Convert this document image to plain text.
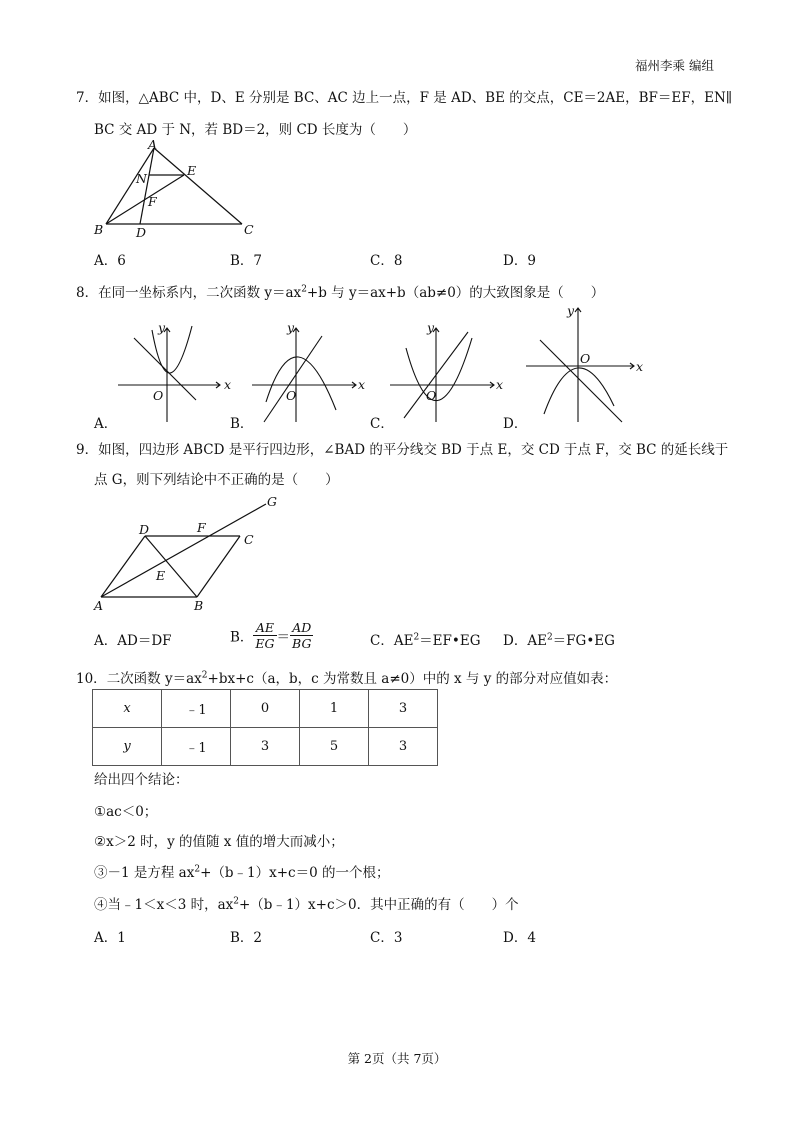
福州李乘 编组
7．如图，△ABC 中，D、E 分别是 BC、AC 边上一点，F 是 AD、BE 的交点，CE＝2AE，BF＝EF，EN∥
BC 交 AD 于 N，若 BD＝2，则 CD 长度为（　　）
A
B	C
D
E
F
N
A．6	B．7	C．8	D．9
8．在同一坐标系内，二次函数 $y=ax^2+b$ 与 y＝ax+b（ab≠0）的大致图象是（　　）
x
y
O
x
y
O
x
y
O
x
y
O
A．	B．	C．	D．
9．如图，四边形 ABCD 是平行四边形，∠BAD 的平分线交 BD 于点 E，交 CD 于点 F，交 BC 的延长线于
点 G，则下列结论中不正确的是（　　）
A	B
C
D
E
F
G
A．AD＝DF	B． $\frac{AE}{EG} = \frac{AD}{BG}$	C．$AE^2=EF•EG$ D．$AE^2=FG•EG$
10．二次函数 $y=ax^2+bx+c(a$，b，c 为常数且 a≠0）中的 x 与 y 的部分对应值如表：
x	﹣1	0	1	3
y	﹣1	3	5	3
给出四个结论：
①ac＜0；
②x＞2 时，y 的值随 x 值的增大而减小；
③－1 是方程 $ax^2+(b﹣1)x+c=0$ 的一个根；
④当﹣1＜x＜3 时，$ax^2+(b﹣1)x+c>0$．其中正确的有（　　）个
A．1	B．2	C．3	D．4
第 2页（共 7页）
